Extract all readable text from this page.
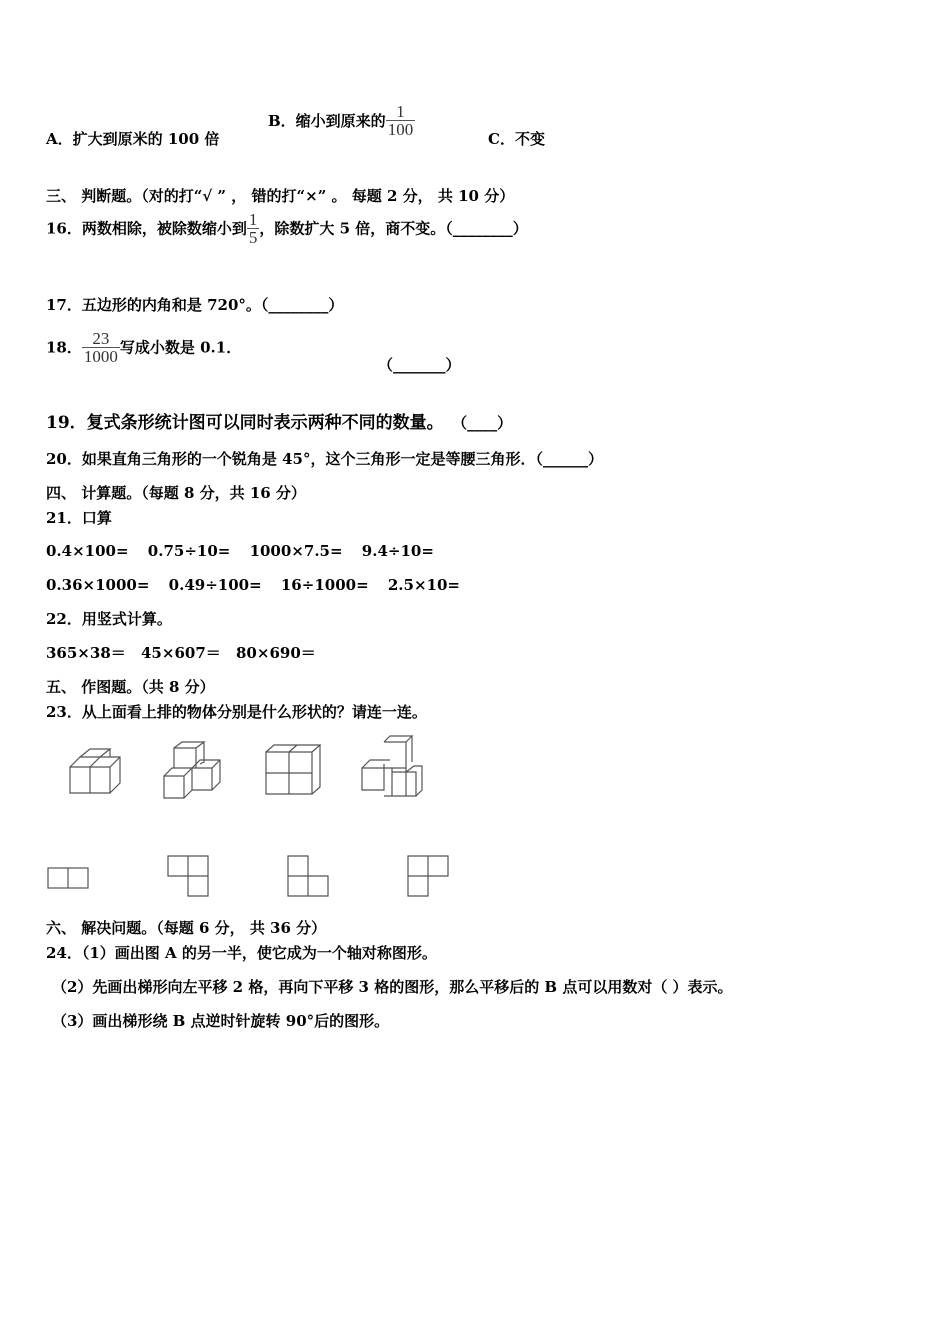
A．扩大到原米的 100 倍
B．缩小到原来的 $\frac{1}{100}$
C．不变
三、 判断题。（对的打“√ ” ， 错的打“×” 。 每题 2 分， 共 10 分）
16．两数相除，被除数缩小到 $\frac{1}{5}$ ，除数扩大 5 倍，商不变。（________）
17．五边形的内角和是 720°。（________）
18． $\frac{23}{1000}$ 写成小数是 0.1．
（_______）
19．复式条形统计图可以同时表示两种不同的数量。 （____）
20．如果直角三角形的一个锐角是 45°，这个三角形一定是等腰三角形．（______）
四、 计算题。（每题 8 分，共 16 分）
21．口算
0.4×100= 0.75÷10= 1000×7.5= 9.4÷10=
0.36×1000= 0.49÷100= 16÷1000= 2.5×10=
22．用竖式计算。
365×38＝ 45×607＝ 80×690＝
五、 作图题。（共 8 分）
23．从上面看上排的物体分别是什么形状的？请连一连。
六、 解决问题。（每题 6 分， 共 36 分）
24．（1）画出图 A 的另一半，使它成为一个轴对称图形。
（2）先画出梯形向左平移 2 格，再向下平移 3 格的图形，那么平移后的 B 点可以用数对（ ）表示。
（3）画出梯形绕 B 点逆时针旋转 90°后的图形。
